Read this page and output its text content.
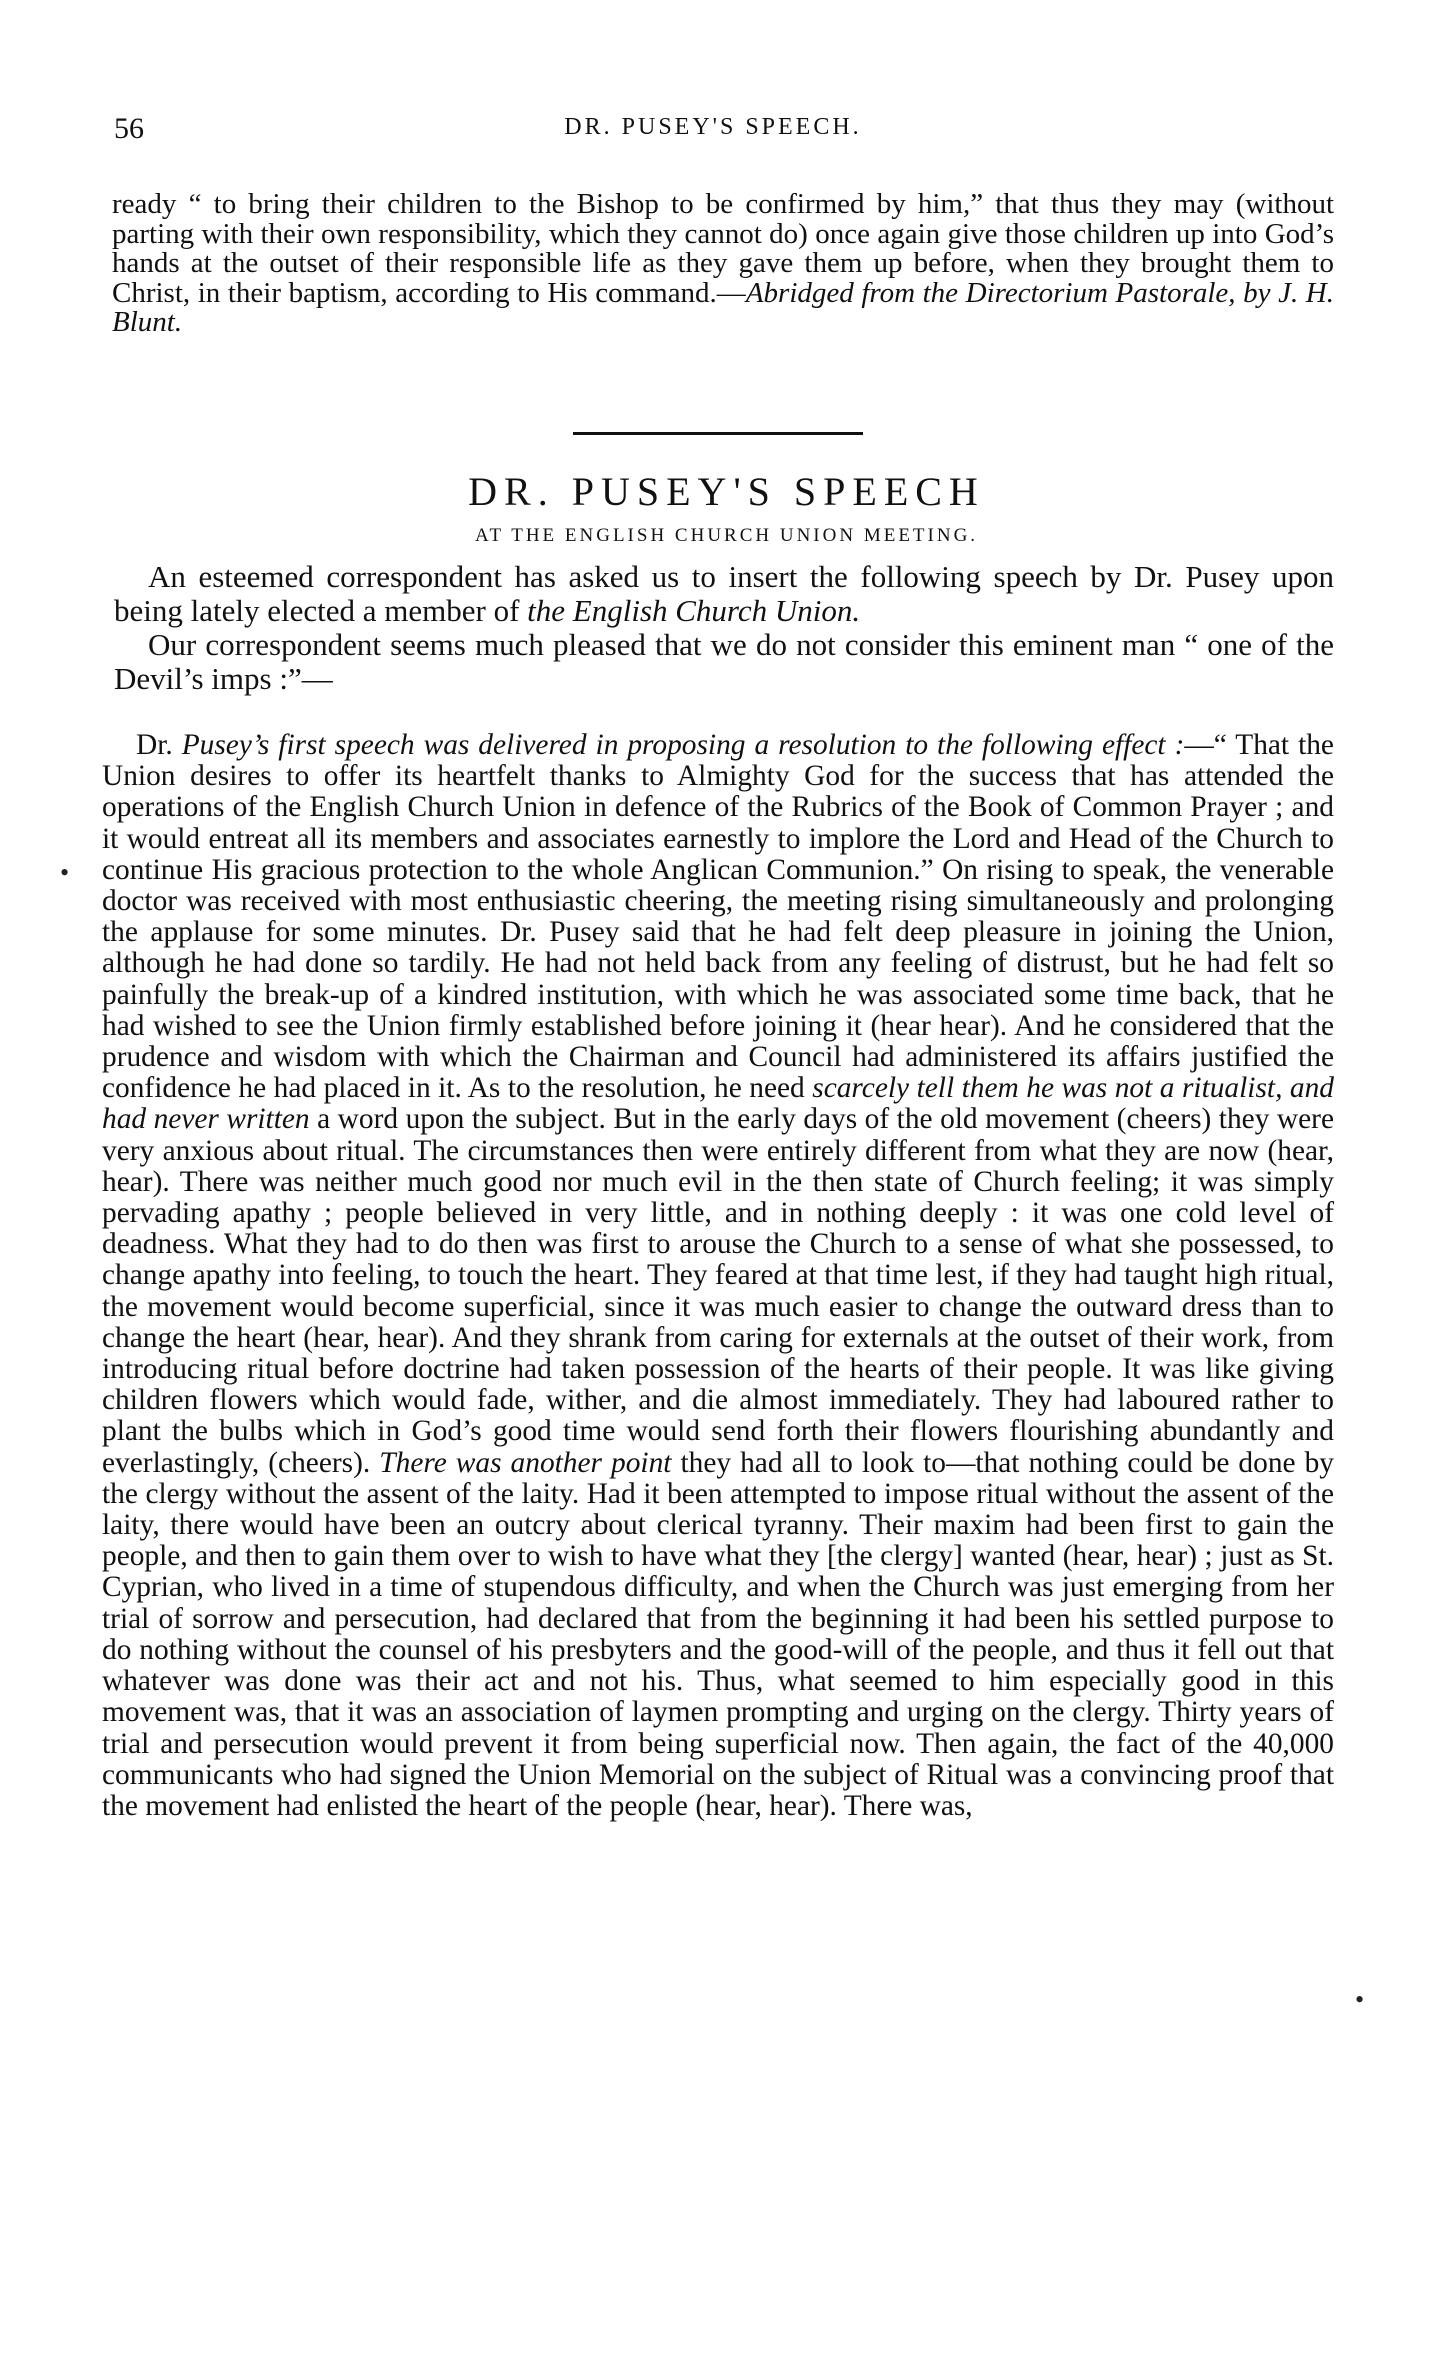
56	DR. PUSEY'S SPEECH.

ready “ to bring their children to the Bishop to be confirmed by him,” that thus they may (without parting with their own responsibility, which they cannot do) once again give those children up into God’s hands at the outset of their responsible life as they gave them up before, when they brought them to Christ, in their baptism, according to His command.—Abridged from the Directorium Pastorale, by J. H. Blunt.

DR. PUSEY'S SPEECH
AT THE ENGLISH CHURCH UNION MEETING.

An esteemed correspondent has asked us to insert the following speech by Dr. Pusey upon being lately elected a member of the English Church Union.

Our correspondent seems much pleased that we do not consider this eminent man “ one of the Devil’s imps :”—

Dr. Pusey’s first speech was delivered in proposing a resolution to the following effect :—“ That the Union desires to offer its heartfelt thanks to Almighty God for the success that has attended the operations of the English Church Union in defence of the Rubrics of the Book of Common Prayer ; and it would entreat all its members and associates earnestly to implore the Lord and Head of the Church to continue His gracious protection to the whole Anglican Communion.” On rising to speak, the venerable doctor was received with most enthusiastic cheering, the meeting rising simultaneously and prolonging the applause for some minutes. Dr. Pusey said that he had felt deep pleasure in joining the Union, although he had done so tardily. He had not held back from any feeling of distrust, but he had felt so painfully the break-up of a kindred institution, with which he was associated some time back, that he had wished to see the Union firmly established before joining it (hear hear). And he considered that the prudence and wisdom with which the Chairman and Council had administered its affairs justified the confidence he had placed in it. As to the resolution, he need scarcely tell them he was not a ritualist, and had never written a word upon the subject. But in the early days of the old movement (cheers) they were very anxious about ritual. The circumstances then were entirely different from what they are now (hear, hear). There was neither much good nor much evil in the then state of Church feeling; it was simply pervading apathy ; people believed in very little, and in nothing deeply : it was one cold level of deadness. What they had to do then was first to arouse the Church to a sense of what she possessed, to change apathy into feeling, to touch the heart. They feared at that time lest, if they had taught high ritual, the movement would become superficial, since it was much easier to change the outward dress than to change the heart (hear, hear). And they shrank from caring for externals at the outset of their work, from introducing ritual before doctrine had taken possession of the hearts of their people. It was like giving children flowers which would fade, wither, and die almost immediately. They had laboured rather to plant the bulbs which in God’s good time would send forth their flowers flourishing abundantly and everlastingly, (cheers). There was another point they had all to look to—that nothing could be done by the clergy without the assent of the laity. Had it been attempted to impose ritual without the assent of the laity, there would have been an outcry about clerical tyranny. Their maxim had been first to gain the people, and then to gain them over to wish to have what they [the clergy] wanted (hear, hear) ; just as St. Cyprian, who lived in a time of stupendous difficulty, and when the Church was just emerging from her trial of sorrow and persecution, had declared that from the beginning it had been his settled purpose to do nothing without the counsel of his presbyters and the good-will of the people, and thus it fell out that whatever was done was their act and not his. Thus, what seemed to him especially good in this movement was, that it was an association of laymen prompting and urging on the clergy. Thirty years of trial and persecution would prevent it from being superficial now. Then again, the fact of the 40,000 communicants who had signed the Union Memorial on the subject of Ritual was a convincing proof that the movement had enlisted the heart of the people (hear, hear). There was,

•
•
